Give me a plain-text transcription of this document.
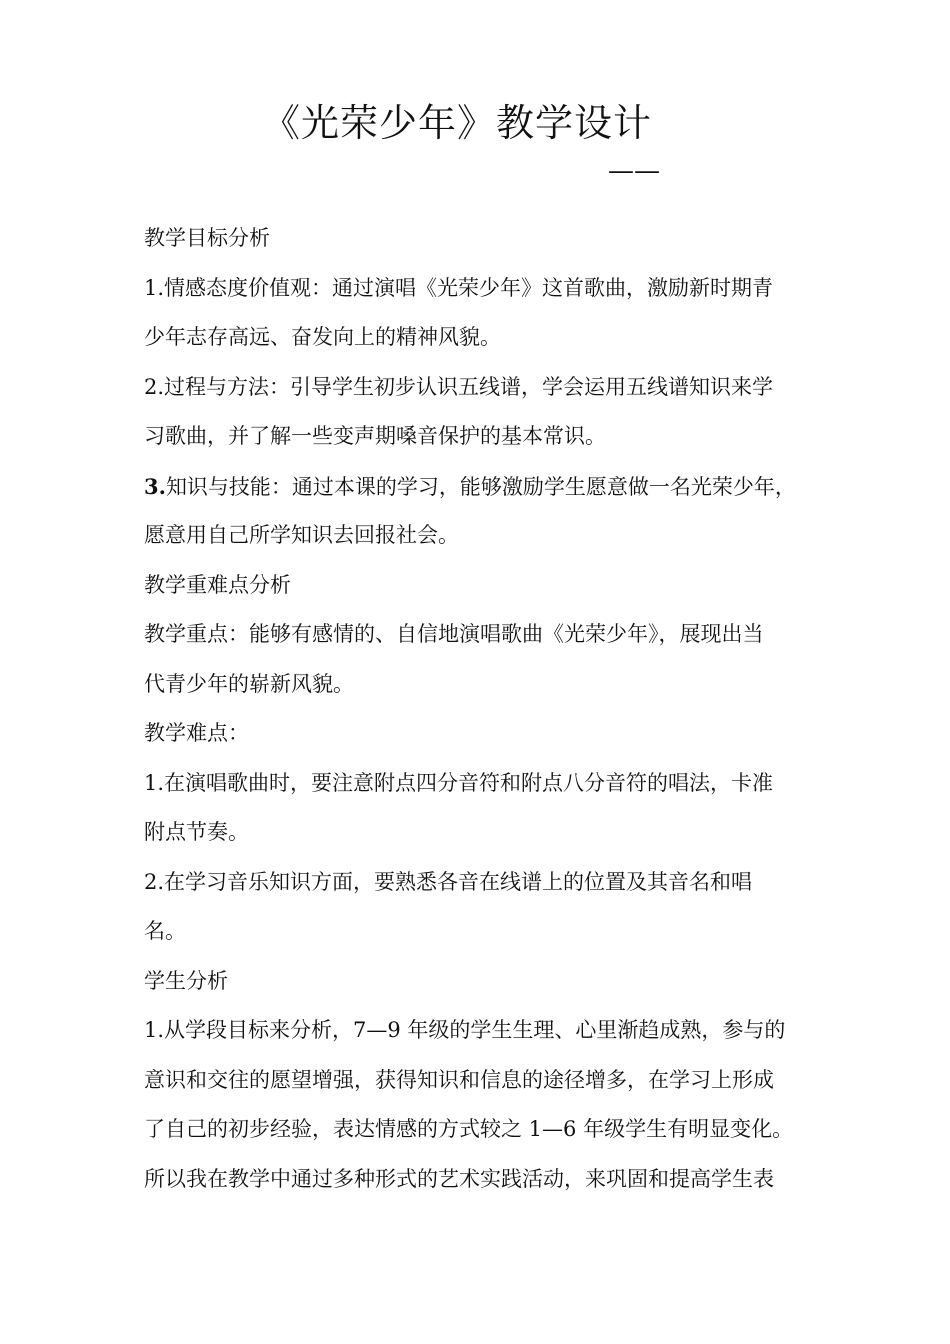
《光荣少年》教学设计
——
教学目标分析
1.情感态度价值观：通过演唱《光荣少年》这首歌曲，激励新时期青
少年志存高远、奋发向上的精神风貌。
2.过程与方法：引导学生初步认识五线谱，学会运用五线谱知识来学
习歌曲，并了解一些变声期嗓音保护的基本常识。
3.知识与技能：通过本课的学习，能够激励学生愿意做一名光荣少年，
愿意用自己所学知识去回报社会。
教学重难点分析
教学重点：能够有感情的、自信地演唱歌曲《光荣少年》，展现出当
代青少年的崭新风貌。
教学难点：
1.在演唱歌曲时，要注意附点四分音符和附点八分音符的唱法，卡准
附点节奏。
2.在学习音乐知识方面，要熟悉各音在线谱上的位置及其音名和唱
名。
学生分析
1.从学段目标来分析，7—9 年级的学生生理、心里渐趋成熟，参与的
意识和交往的愿望增强，获得知识和信息的途径增多，在学习上形成
了自己的初步经验，表达情感的方式较之 1—6 年级学生有明显变化。
所以我在教学中通过多种形式的艺术实践活动，来巩固和提高学生表
